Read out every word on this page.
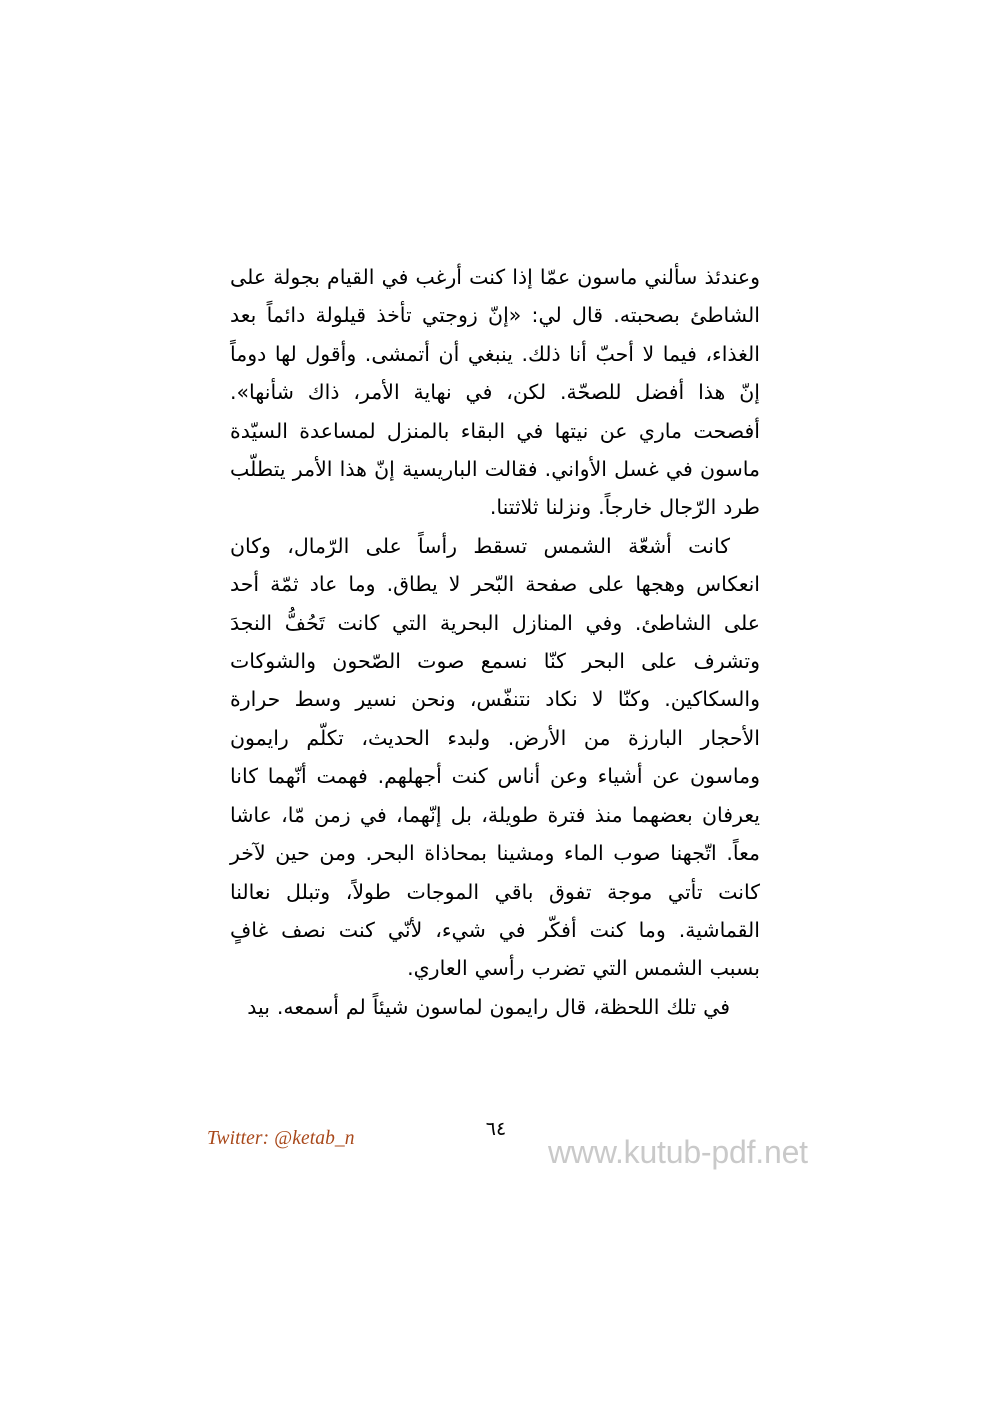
وعندئذ سألني ماسون عمّا إذا كنت أرغب في القيام بجولة على الشاطئ بصحبته. قال لي: «إنّ زوجتي تأخذ قيلولة دائماً بعد الغذاء، فيما لا أحبّ أنا ذلك. ينبغي أن أتمشى. وأقول لها دوماً إنّ هذا أفضل للصحّة. لكن، في نهاية الأمر، ذاك شأنها». أفصحت ماري عن نيتها في البقاء بالمنزل لمساعدة السيّدة ماسون في غسل الأواني. فقالت الباريسية إنّ هذا الأمر يتطلّب طرد الرّجال خارجاً. ونزلنا ثلاثتنا.

كانت أشعّة الشمس تسقط رأساً على الرّمال، وكان انعكاس وهجها على صفحة البّحر لا يطاق. وما عاد ثمّة أحد على الشاطئ. وفي المنازل البحرية التي كانت تَحُفُّ النجدَ وتشرف على البحر كنّا نسمع صوت الصّحون والشوكات والسكاكين. وكنّا لا نكاد نتنفّس، ونحن نسير وسط حرارة الأحجار البارزة من الأرض. ولبدء الحديث، تكلّم رايمون وماسون عن أشياء وعن أناس كنت أجهلهم. فهمت أنّهما كانا يعرفان بعضهما منذ فترة طويلة، بل إنّهما، في زمن مّا، عاشا معاً. اتّجهنا صوب الماء ومشينا بمحاذاة البحر. ومن حين لآخر كانت تأتي موجة تفوق باقي الموجات طولاً، وتبلل نعالنا القماشية. وما كنت أفكّر في شيء، لأنّي كنت نصف غافٍ بسبب الشمس التي تضرب رأسي العاري.

في تلك اللحظة، قال رايمون لماسون شيئاً لم أسمعه. بيد

Twitter: @ketab_n	٦٤
www.kutub-pdf.net
